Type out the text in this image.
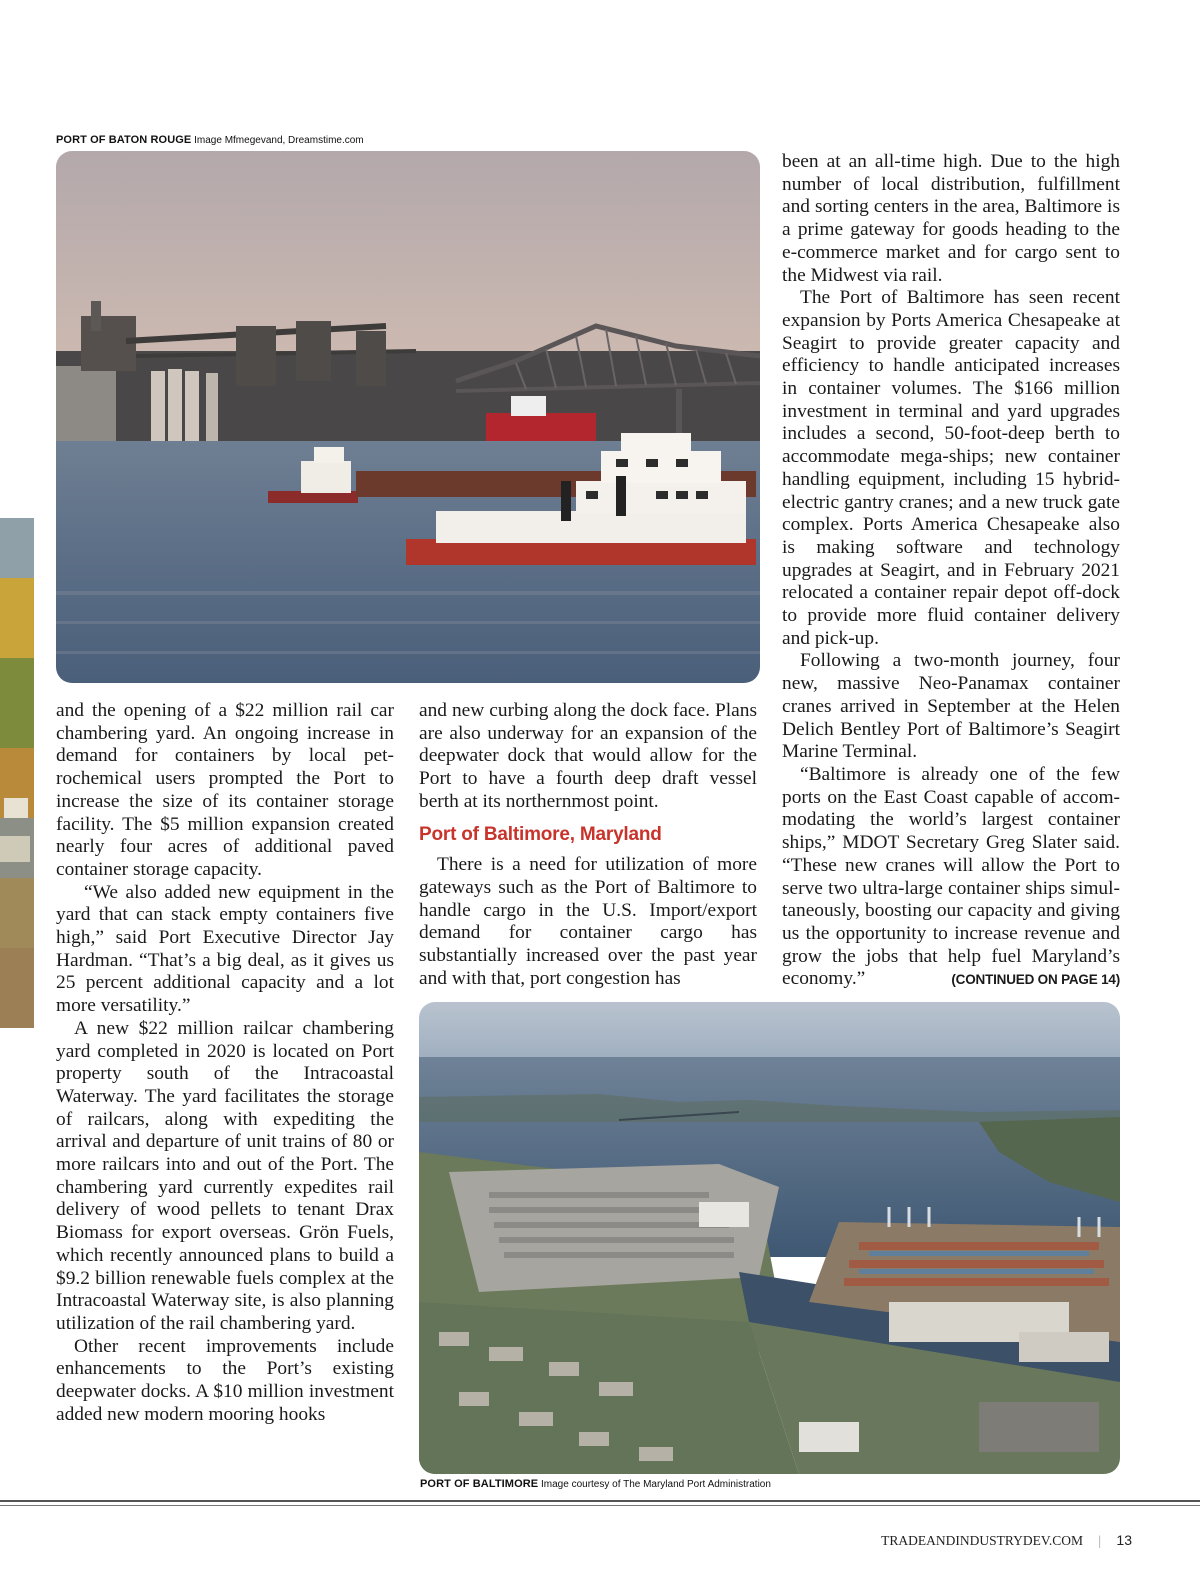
PORT OF BATON ROUGE Image Mfmegevand, Dreamstime.com

and the opening of a $22 million rail car chambering yard. An ongoing increase in demand for containers by local petrochemical users prompted the Port to increase the size of its container storage facility. The $5 million expansion created nearly four acres of additional paved container storage capacity.

“We also added new equipment in the yard that can stack empty containers five high,” said Port Executive Director Jay Hardman. “That’s a big deal, as it gives us 25 percent additional capacity and a lot more versatility.”

A new $22 million railcar chambering yard completed in 2020 is located on Port property south of the Intracoastal Waterway. The yard facilitates the storage of railcars, along with expediting the arrival and departure of unit trains of 80 or more railcars into and out of the Port. The chambering yard currently expedites rail delivery of wood pellets to tenant Drax Biomass for export overseas. Grön Fuels, which recently announced plans to build a $9.2 billion renewable fuels complex at the Intracoastal Waterway site, is also planning utilization of the rail chambering yard.

Other recent improvements include enhancements to the Port’s existing deepwater docks. A $10 million investment added new modern mooring hooks

and new curbing along the dock face. Plans are also underway for an expansion of the deepwater dock that would allow for the Port to have a fourth deep draft vessel berth at its northernmost point.

Port of Baltimore, Maryland

There is a need for utilization of more gateways such as the Port of Baltimore to handle cargo in the U.S. Import/export demand for container cargo has substantially increased over the past year and with that, port congestion has

been at an all-time high. Due to the high number of local distribution, fulfillment and sorting centers in the area, Baltimore is a prime gateway for goods heading to the e-commerce market and for cargo sent to the Midwest via rail.

The Port of Baltimore has seen recent expansion by Ports America Chesapeake at Seagirt to provide greater capacity and efficiency to handle anticipated increases in container volumes. The $166 million investment in terminal and yard upgrades includes a second, 50-foot-deep berth to accommodate mega-ships; new container handling equipment, including 15 hybrid-electric gantry cranes; and a new truck gate complex. Ports America Chesapeake also is making software and technology upgrades at Seagirt, and in February 2021 relocated a container repair depot off-dock to provide more fluid container delivery and pick-up.

Following a two-month journey, four new, massive Neo-Panamax container cranes arrived in September at the Helen Delich Bentley Port of Baltimore’s Seagirt Marine Terminal.

“Baltimore is already one of the few ports on the East Coast capable of accommodating the world’s largest container ships,” MDOT Secretary Greg Slater said. “These new cranes will allow the Port to serve two ultra-large container ships simultaneously, boosting our capacity and giving us the opportunity to increase revenue and grow the jobs that help fuel Maryland’s economy.”	(CONTINUED ON PAGE 14)

PORT OF BALTIMORE Image courtesy of The Maryland Port Administration
TRADEANDINDUSTRYDEV.COM | 13
